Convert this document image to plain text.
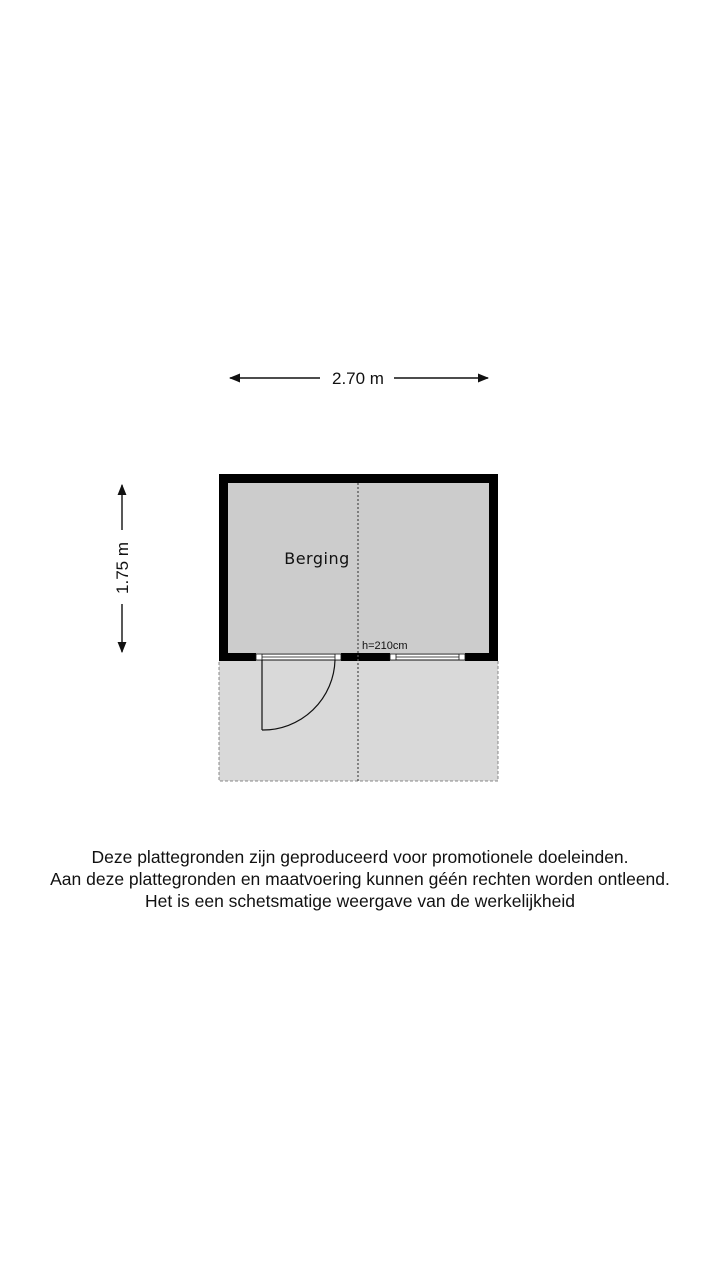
2.70 m
1.75 m	Berging
h=210cm
Deze plattegronden zijn geproduceerd voor promotionele doeleinden.
Aan deze plattegronden en maatvoering kunnen géén rechten worden ontleend.
Het is een schetsmatige weergave van de werkelijkheid
